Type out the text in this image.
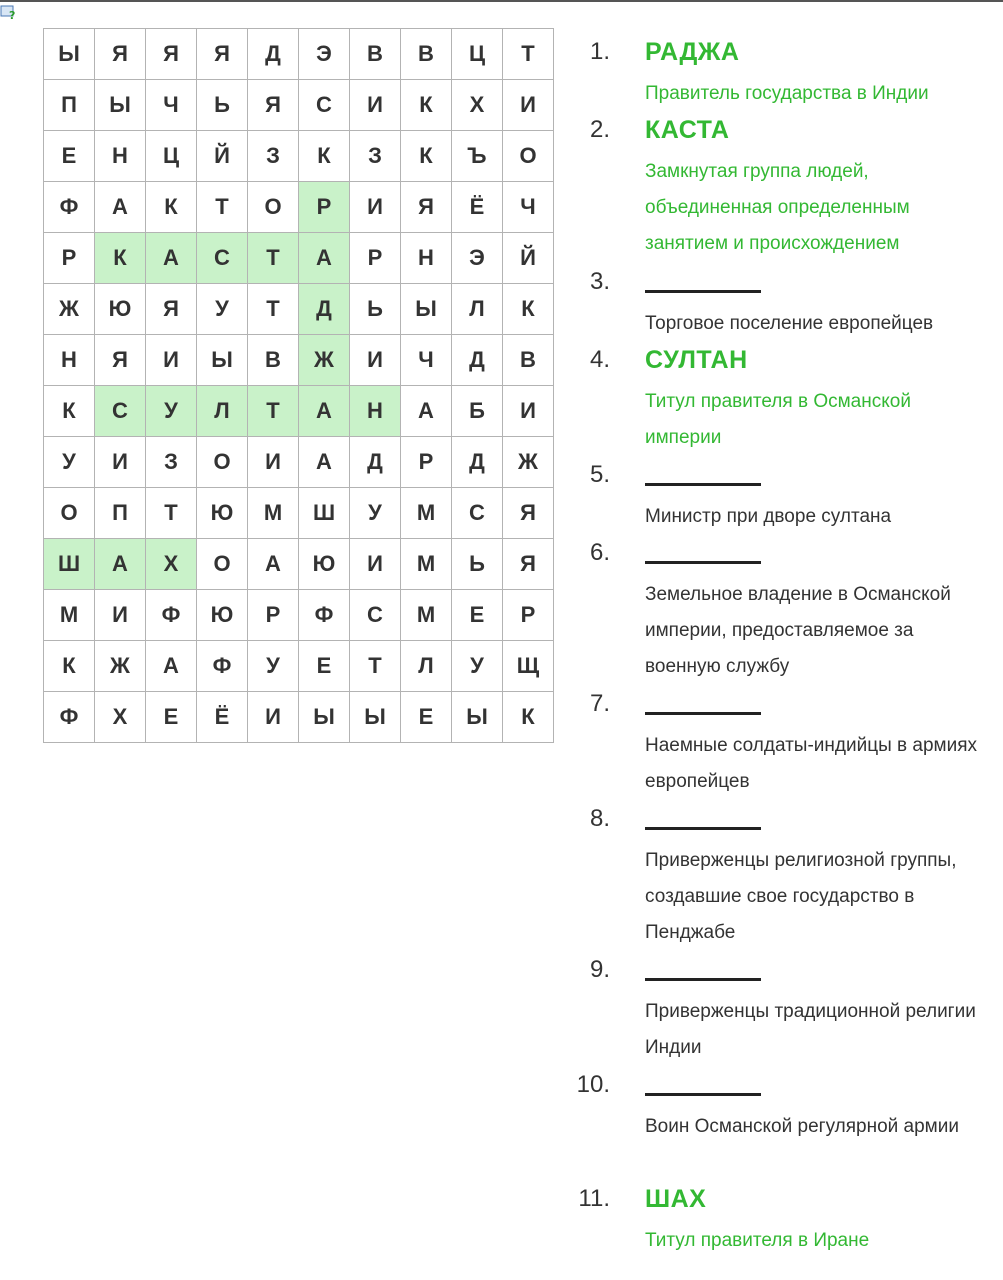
?
Ы	Я	Я	Я	Д	Э	В	В	Ц	Т
П	Ы	Ч	Ь	Я	С	И	К	Х	И
Е	Н	Ц	Й	З	К	З	К	Ъ	О
Ф	А	К	Т	О	Р	И	Я	Ё	Ч
Р	К	А	С	Т	А	Р	Н	Э	Й
Ж	Ю	Я	У	Т	Д	Ь	Ы	Л	К
Н	Я	И	Ы	В	Ж	И	Ч	Д	В
К	С	У	Л	Т	А	Н	А	Б	И
У	И	З	О	И	А	Д	Р	Д	Ж
О	П	Т	Ю	М	Ш	У	М	С	Я
Ш	А	Х	О	А	Ю	И	М	Ь	Я
М	И	Ф	Ю	Р	Ф	С	М	Е	Р
К	Ж	А	Ф	У	Е	Т	Л	У	Щ
Ф	Х	Е	Ё	И	Ы	Ы	Е	Ы	К
1. РАДЖА
Правитель государства в Индии
2. КАСТА
Замкнутая группа людей, объединенная определенным занятием и происхождением
3.
Торговое поселение европейцев
4. СУЛТАН
Титул правителя в Османской империи
5.
Министр при дворе султана
6.
Земельное владение в Османской империи, предоставляемое за военную службу
7.
Наемные солдаты-индийцы в армиях европейцев
8.
Приверженцы религиозной группы, создавшие свое государство в Пенджабе
9.
Приверженцы традиционной религии Индии
10.
Воин Османской регулярной армии
11. ШАХ
Титул правителя в Иране
